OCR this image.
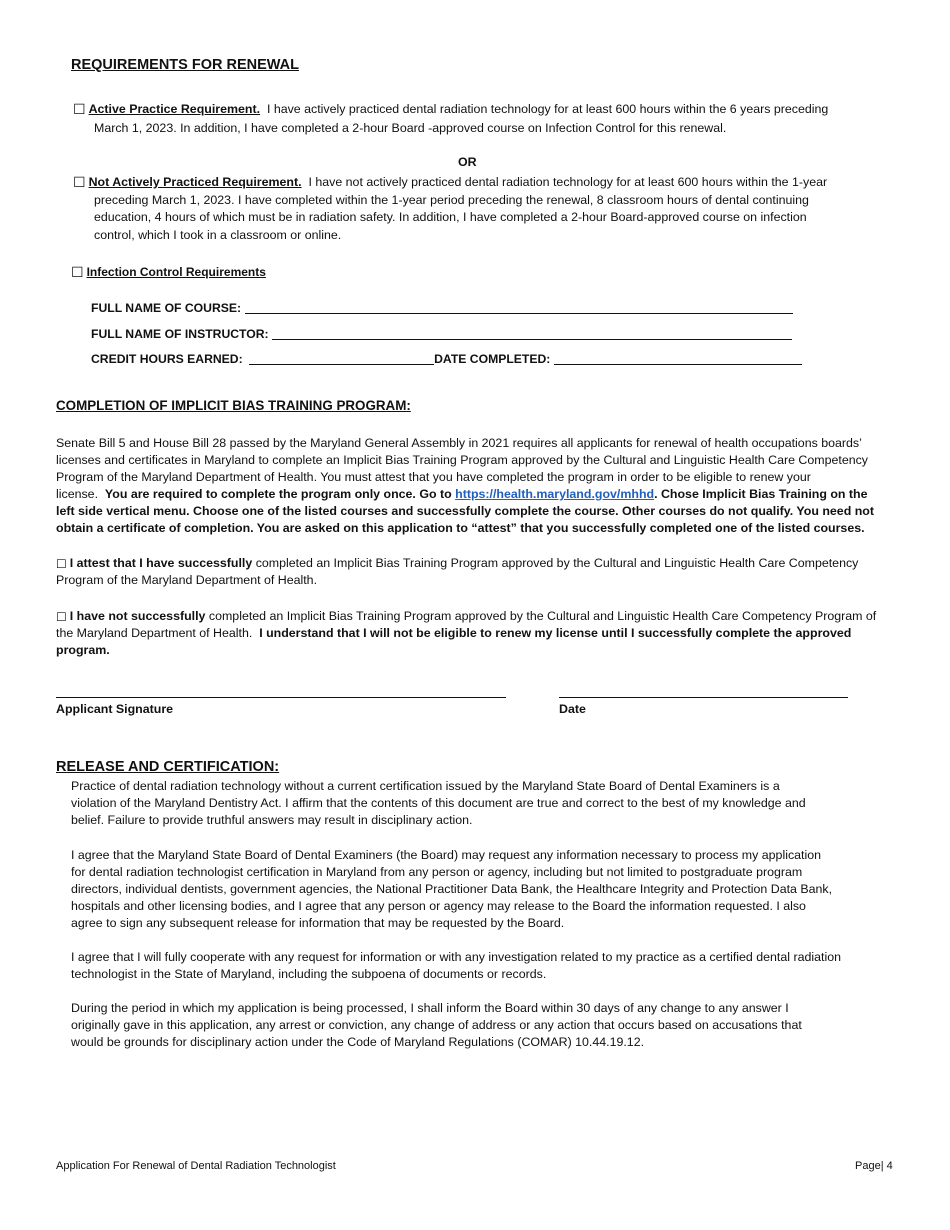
REQUIREMENTS FOR RENEWAL
☐ Active Practice Requirement. I have actively practiced dental radiation technology for at least 600 hours within the 6 years preceding
March 1, 2023. In addition, I have completed a 2-hour Board -approved course on Infection Control for this renewal.
OR
☐ Not Actively Practiced Requirement. I have not actively practiced dental radiation technology for at least 600 hours within the 1-year
preceding March 1, 2023. I have completed within the 1-year period preceding the renewal, 8 classroom hours of dental continuing
education, 4 hours of which must be in radiation safety. In addition, I have completed a 2-hour Board-approved course on infection
control, which I took in a classroom or online.
☐ Infection Control Requirements
FULL NAME OF COURSE:
FULL NAME OF INSTRUCTOR:
CREDIT HOURS EARNED:	DATE COMPLETED:
COMPLETION OF IMPLICIT BIAS TRAINING PROGRAM:
Senate Bill 5 and House Bill 28 passed by the Maryland General Assembly in 2021 requires all applicants for renewal of health occupations boards’
licenses and certificates in Maryland to complete an Implicit Bias Training Program approved by the Cultural and Linguistic Health Care Competency
Program of the Maryland Department of Health. You must attest that you have completed the program in order to be eligible to renew your
license. You are required to complete the program only once. Go to https://health.maryland.gov/mhhd. Chose Implicit Bias Training on the
left side vertical menu. Choose one of the listed courses and successfully complete the course. Other courses do not qualify. You need not
obtain a certificate of completion. You are asked on this application to “attest” that you successfully completed one of the listed courses.
☐ I attest that I have successfully completed an Implicit Bias Training Program approved by the Cultural and Linguistic Health Care Competency
Program of the Maryland Department of Health.
☐ I have not successfully completed an Implicit Bias Training Program approved by the Cultural and Linguistic Health Care Competency Program of
the Maryland Department of Health. I understand that I will not be eligible to renew my license until I successfully complete the approved
program.
Applicant Signature	Date
RELEASE AND CERTIFICATION:
Practice of dental radiation technology without a current certification issued by the Maryland State Board of Dental Examiners is a
violation of the Maryland Dentistry Act. I affirm that the contents of this document are true and correct to the best of my knowledge and
belief. Failure to provide truthful answers may result in disciplinary action.
I agree that the Maryland State Board of Dental Examiners (the Board) may request any information necessary to process my application
for dental radiation technologist certification in Maryland from any person or agency, including but not limited to postgraduate program
directors, individual dentists, government agencies, the National Practitioner Data Bank, the Healthcare Integrity and Protection Data Bank,
hospitals and other licensing bodies, and I agree that any person or agency may release to the Board the information requested. I also
agree to sign any subsequent release for information that may be requested by the Board.
I agree that I will fully cooperate with any request for information or with any investigation related to my practice as a certified dental radiation
technologist in the State of Maryland, including the subpoena of documents or records.
During the period in which my application is being processed, I shall inform the Board within 30 days of any change to any answer I
originally gave in this application, any arrest or conviction, any change of address or any action that occurs based on accusations that
would be grounds for disciplinary action under the Code of Maryland Regulations (COMAR) 10.44.19.12.
Application For Renewal of Dental Radiation Technologist	Page| 4
